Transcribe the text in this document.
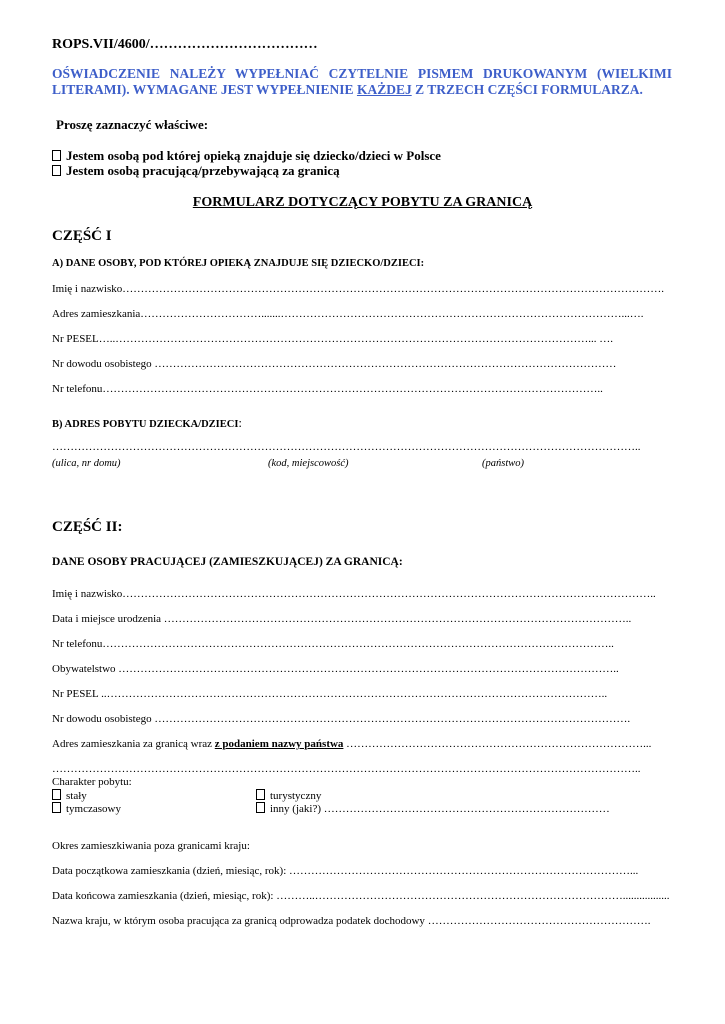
ROPS.VII/4600/………………………………
OŚWIADCZENIE NALEŻY WYPEŁNIAĆ CZYTELNIE PISMEM DRUKOWANYM (WIELKIMI LITERAMI). WYMAGANE JEST WYPEŁNIENIE KAŻDEJ Z TRZECH CZĘŚCI FORMULARZA.
Proszę zaznaczyć właściwe:
Jestem osobą pod której opieką znajduje się dziecko/dzieci w Polsce
Jestem osobą pracującą/przebywającą za granicą
FORMULARZ DOTYCZĄCY POBYTU ZA GRANICĄ
CZĘŚĆ I
A) DANE OSOBY, POD KTÓREJ OPIEKĄ ZNAJDUJE SIĘ DZIECKO/DZIECI:
Imię i nazwisko………………………………………………………………………………………………………………………………….
Adres zamieszkania…………………………….......…………………………………………………………………………………...….
Nr PESEL…..…………………………………………………………………………………………………………………... ….
Nr dowodu osobistego ………………………………………………………………………………………………………………
Nr telefonu………………………………………………………………………………………………………………………..
B) ADRES POBYTU DZIECKA/DZIECI:
……………………………………………………………………………………………………………………………………………..
(ulica, nr domu)	(kod, miejscowość)	(państwo)
CZĘŚĆ II:
DANE OSOBY PRACUJĄCEJ (ZAMIESZKUJĄCEJ) ZA GRANICĄ:
Imię i nazwisko………………………………………………………………………………………………………………………………..
Data i miejsce urodzenia ………………………………………………………………………………………………………………..
Nr telefonu…………………………………………………………………………………………………………………………..
Obywatelstwo ………………………………………………………………………………………………………………………..
Nr PESEL ..………………………………………………………………………………………………………………………..
Nr dowodu osobistego ………………………………………………………………………………………………………………….
Adres zamieszkania za granicą wraz z podaniem nazwy państwa ………………………………………………………………………...
……………………………………………………………………………………………………………………………………………..
Charakter pobytu:
stały
tymczasowy
turystyczny
inny (jaki?) ……………………………………………………………………
Okres zamieszkiwania poza granicami kraju:
Data początkowa zamieszkania (dzień, miesiąc, rok): …………………………………………………………………………………...
Data końcowa zamieszkania (dzień, miesiąc, rok): ………..………………………………………………………………………….................
Nazwa kraju, w którym osoba pracująca za granicą odprowadza podatek dochodowy …………………………………………………….
